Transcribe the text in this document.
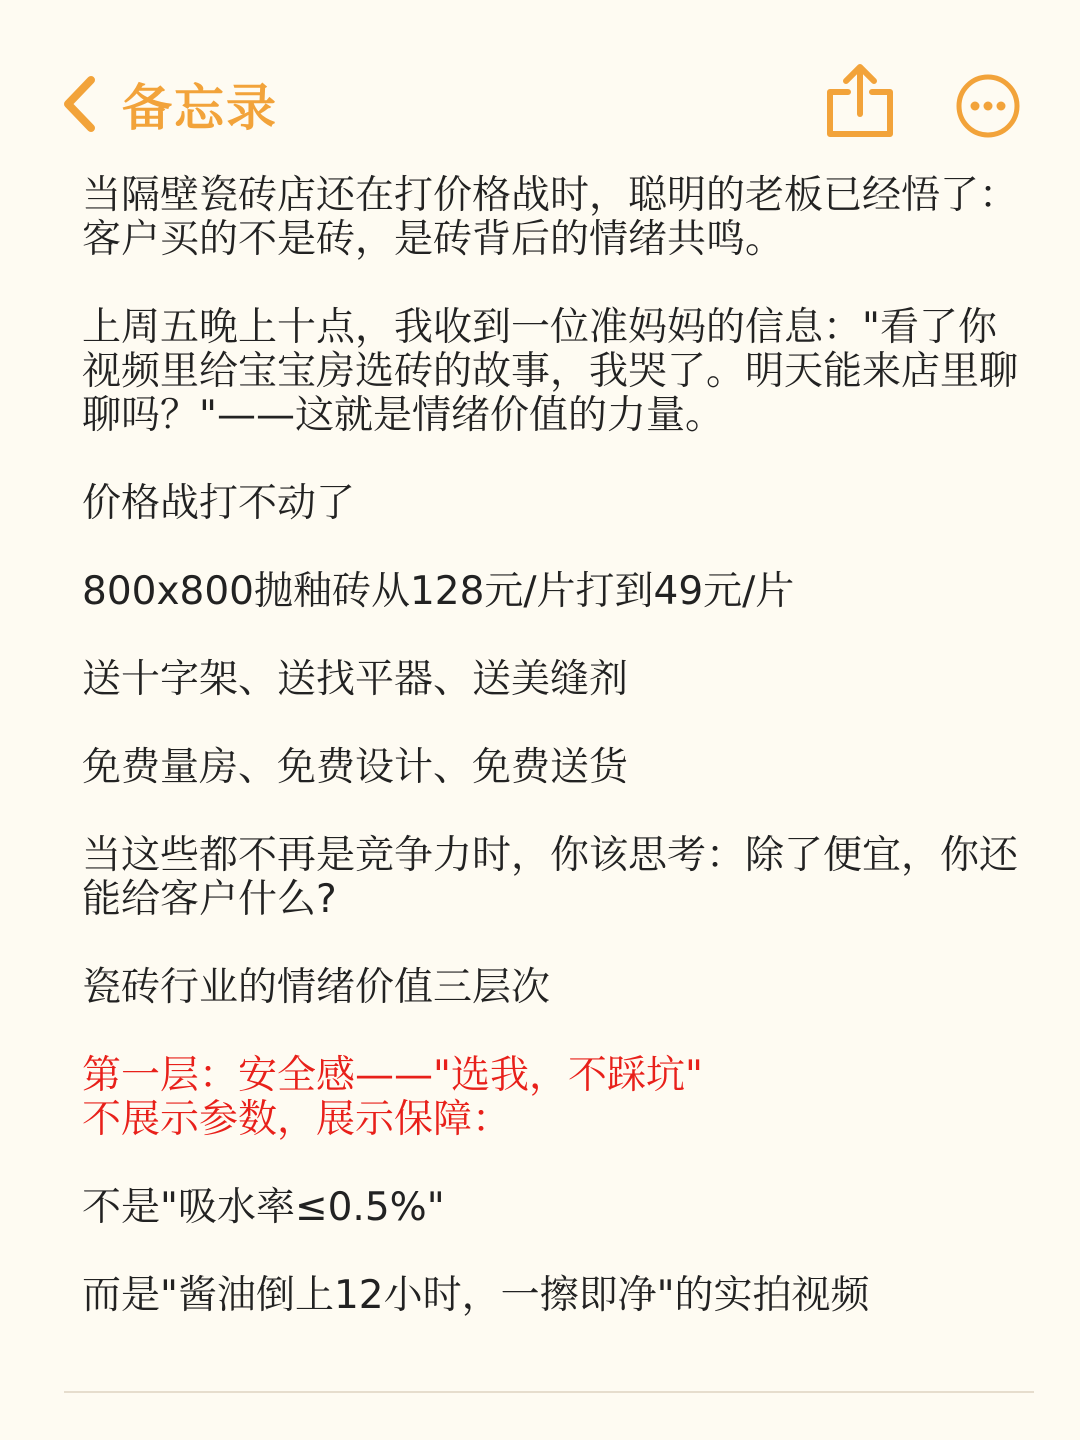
备忘录

当隔壁瓷砖店还在打价格战时，聪明的老板已经悟了：客户买的不是砖，是砖背后的情绪共鸣。

上周五晚上十点，我收到一位准妈妈的信息："看了你视频里给宝宝房选砖的故事，我哭了。明天能来店里聊聊吗？"——这就是情绪价值的力量。

价格战打不动了

800x800抛釉砖从128元/片打到49元/片

送十字架、送找平器、送美缝剂

免费量房、免费设计、免费送货

当这些都不再是竞争力时，你该思考：除了便宜，你还能给客户什么?

瓷砖行业的情绪价值三层次

第一层：安全感——"选我，不踩坑"

不展示参数，展示保障：

不是"吸水率≤0.5%"

而是"酱油倒上12小时，一擦即净"的实拍视频
